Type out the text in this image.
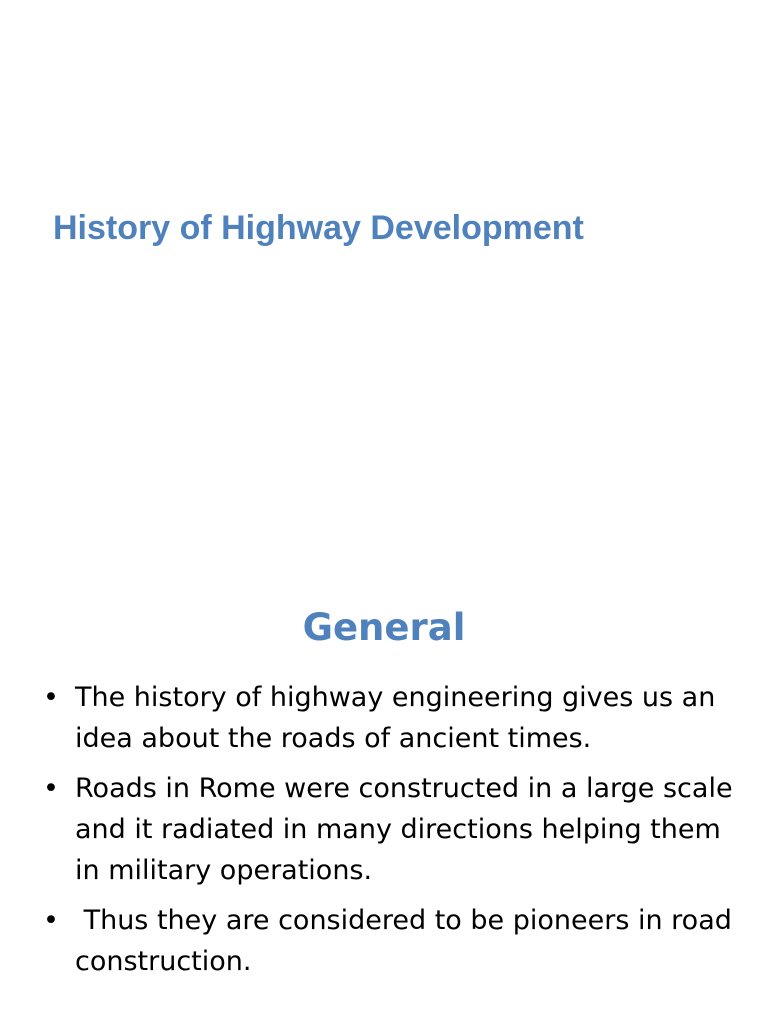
History of Highway Development
General
• The history of highway engineering gives us an idea about the roads of ancient times.
• Roads in Rome were constructed in a large scale and it radiated in many directions helping them in military operations.
• Thus they are considered to be pioneers in road construction.
